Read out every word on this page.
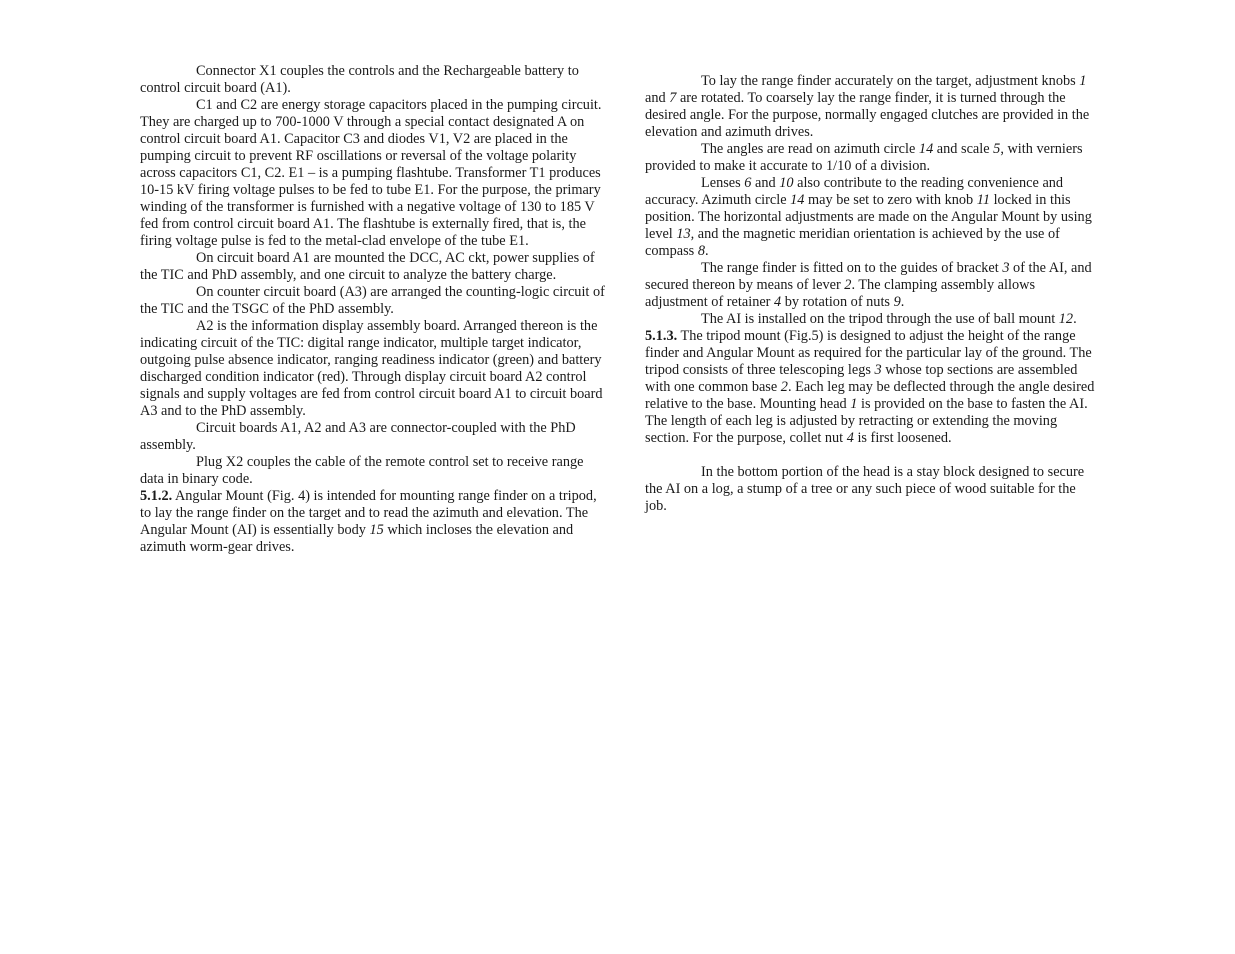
Connector X1 couples the controls and the Rechargeable battery to control circuit board (A1).

C1 and C2 are energy storage capacitors placed in the pumping circuit. They are charged up to 700-1000 V through a special contact designated A on control circuit board A1. Capacitor C3 and diodes V1, V2 are placed in the pumping circuit to prevent RF oscillations or reversal of the voltage polarity across capacitors C1, C2. E1 – is a pumping flashtube. Transformer T1 produces 10-15 kV firing voltage pulses to be fed to tube E1. For the purpose, the primary winding of the transformer is furnished with a negative voltage of 130 to 185 V fed from control circuit board A1. The flashtube is externally fired, that is, the firing voltage pulse is fed to the metal-clad envelope of the tube E1.

On circuit board A1 are mounted the DCC, AC ckt, power supplies of the TIC and PhD assembly, and one circuit to analyze the battery charge.

On counter circuit board (A3) are arranged the counting-logic circuit of the TIC and the TSGC of the PhD assembly.

A2 is the information display assembly board. Arranged thereon is the indicating circuit of the TIC: digital range indicator, multiple target indicator, outgoing pulse absence indicator, ranging readiness indicator (green) and battery discharged condition indicator (red). Through display circuit board A2 control signals and supply voltages are fed from control circuit board A1 to circuit board A3 and to the PhD assembly.

Circuit boards A1, A2 and A3 are connector-coupled with the PhD assembly.

Plug X2 couples the cable of the remote control set to receive range data in binary code.

5.1.2. Angular Mount (Fig. 4) is intended for mounting range finder on a tripod, to lay the range finder on the target and to read the azimuth and elevation. The Angular Mount (AI) is essentially body 15 which incloses the elevation and azimuth worm-gear drives.

To lay the range finder accurately on the target, adjustment knobs 1 and 7 are rotated. To coarsely lay the range finder, it is turned through the desired angle. For the purpose, normally engaged clutches are provided in the elevation and azimuth drives.

The angles are read on azimuth circle 14 and scale 5, with verniers provided to make it accurate to 1/10 of a division.

Lenses 6 and 10 also contribute to the reading convenience and accuracy. Azimuth circle 14 may be set to zero with knob 11 locked in this position. The horizontal adjustments are made on the Angular Mount by using level 13, and the magnetic meridian orientation is achieved by the use of compass 8.

The range finder is fitted on to the guides of bracket 3 of the AI, and secured thereon by means of lever 2. The clamping assembly allows adjustment of retainer 4 by rotation of nuts 9.

The AI is installed on the tripod through the use of ball mount 12.

5.1.3. The tripod mount (Fig.5) is designed to adjust the height of the range finder and Angular Mount as required for the particular lay of the ground. The tripod consists of three telescoping legs 3 whose top sections are assembled with one common base 2. Each leg may be deflected through the angle desired relative to the base. Mounting head 1 is provided on the base to fasten the AI. The length of each leg is adjusted by retracting or extending the moving section. For the purpose, collet nut 4 is first loosened.

In the bottom portion of the head is a stay block designed to secure the AI on a log, a stump of a tree or any such piece of wood suitable for the job.
